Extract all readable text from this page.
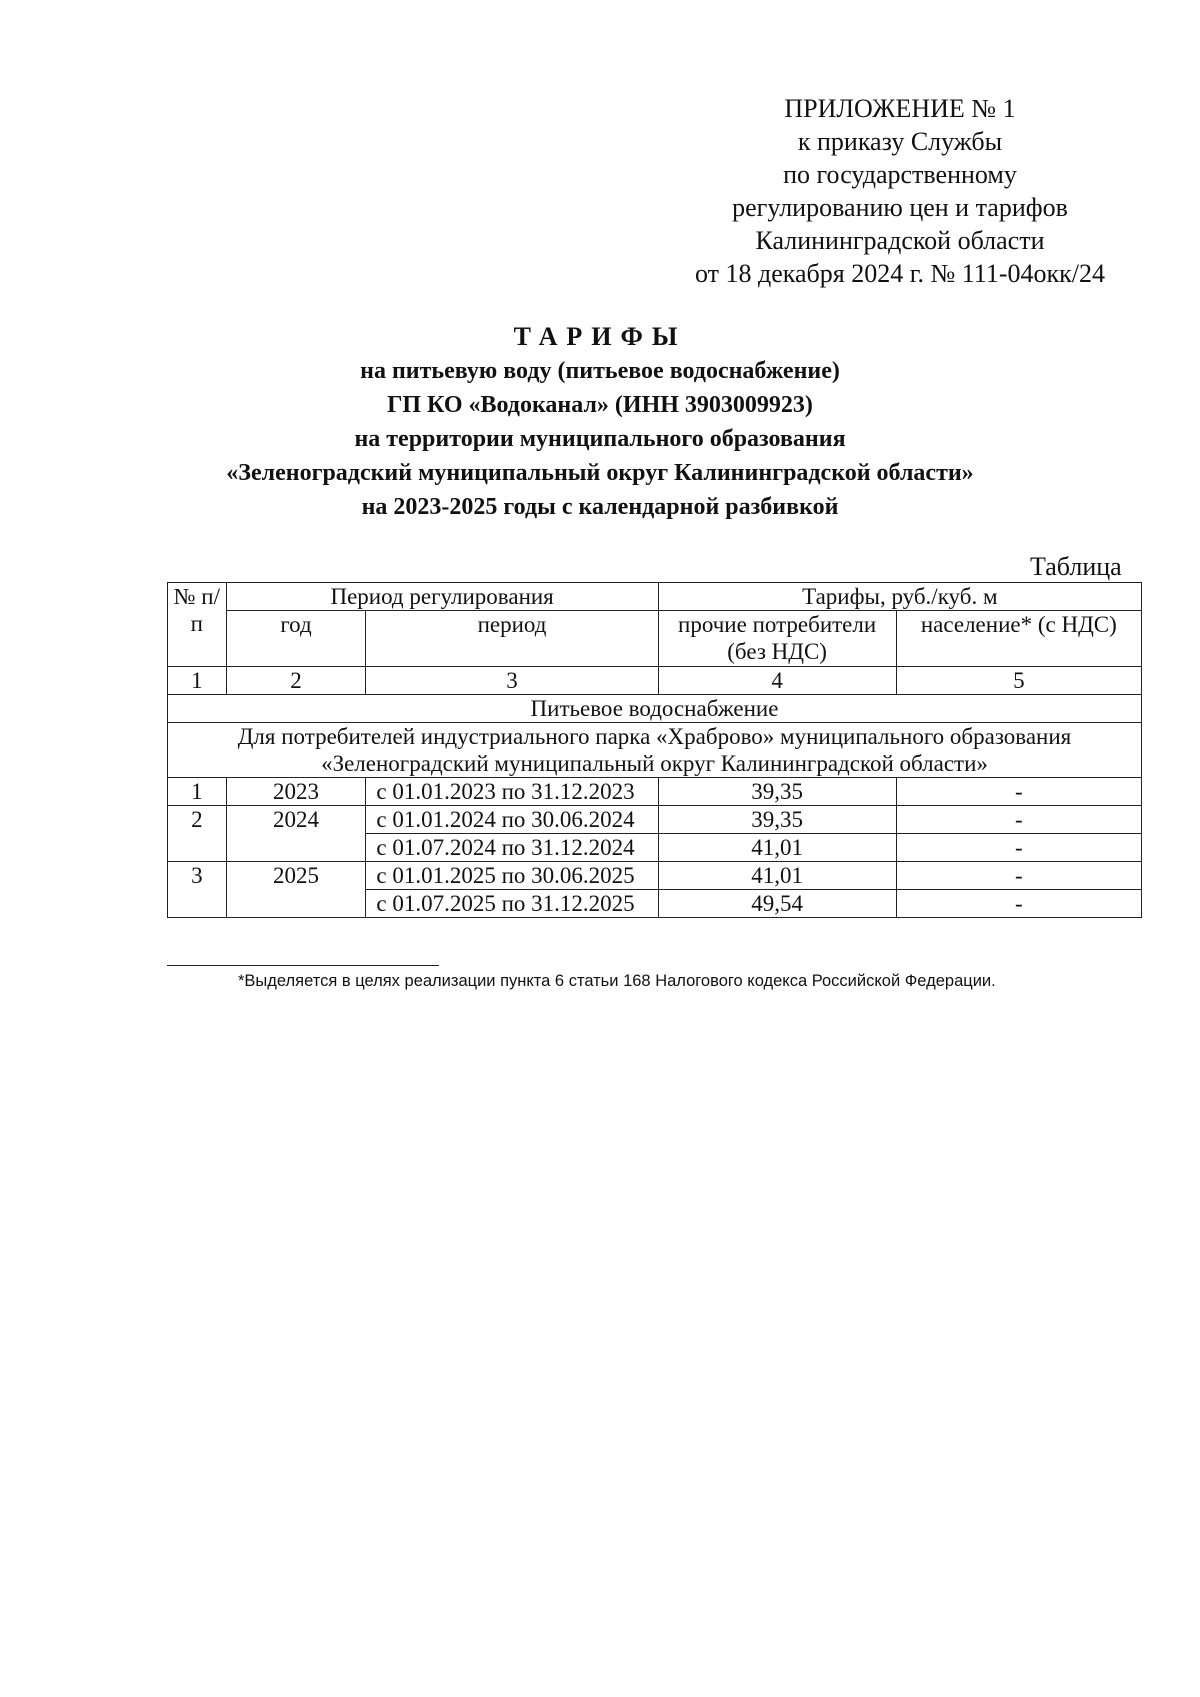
ПРИЛОЖЕНИЕ № 1
к приказу Службы
по государственному
регулированию цен и тарифов
Калининградской области
от 18 декабря 2024 г. № 111-04окк/24
ТАРИФЫ
на питьевую воду (питьевое водоснабжение)
ГП КО «Водоканал» (ИНН 3903009923)
на территории муниципального образования
«Зеленоградский муниципальный округ Калининградской области»
на 2023-2025 годы с календарной разбивкой
Таблица
№ п/п	Период регулирования		Тарифы, руб./куб. м	
	год	период	прочие потребители (без НДС)	население* (с НДС)
1	2	3	4	5
Питьевое водоснабжение				
Для потребителей индустриального парка «Храброво» муниципального образования «Зеленоградский муниципальный округ Калининградской области»				
1	2023	с 01.01.2023 по 31.12.2023	39,35	-
2	2024	с 01.01.2024 по 30.06.2024	39,35	-
		с 01.07.2024 по 31.12.2024	41,01	-
3	2025	с 01.01.2025 по 30.06.2025	41,01	-
		с 01.07.2025 по 31.12.2025	49,54	-
*Выделяется в целях реализации пункта 6 статьи 168 Налогового кодекса Российской Федерации.
